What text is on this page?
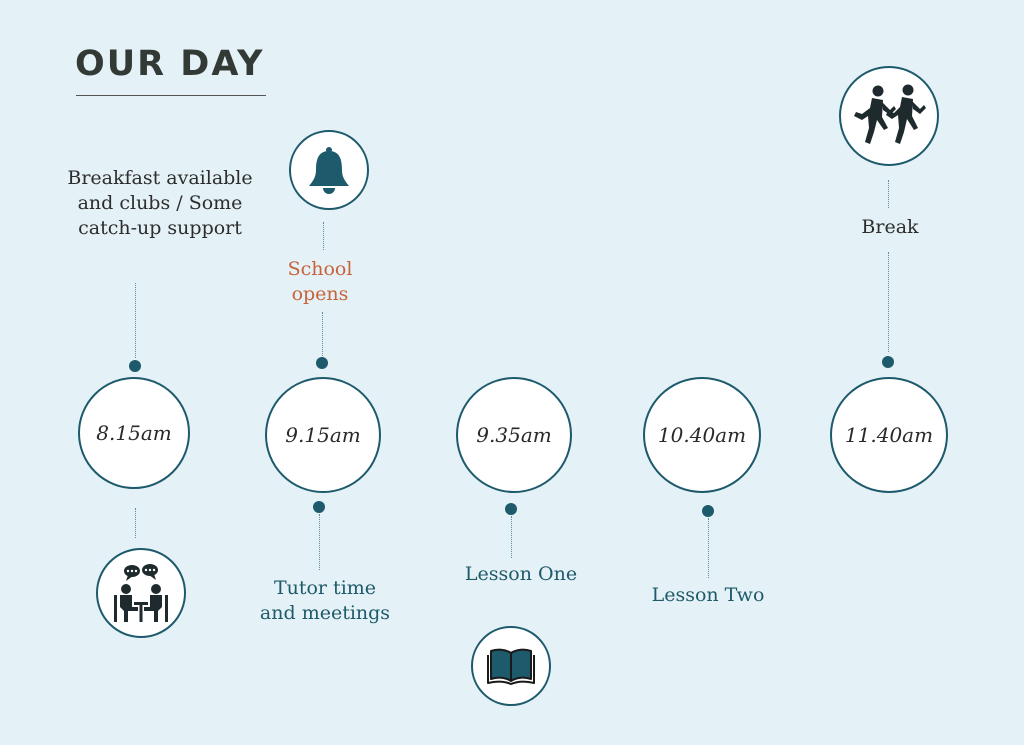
OUR DAY
Breakfast available
and clubs / Some
catch-up support
8.15am
School
opens
9.15am
Tutor time
and meetings
9.35am
Lesson One
10.40am
Lesson Two
Break
11.40am
